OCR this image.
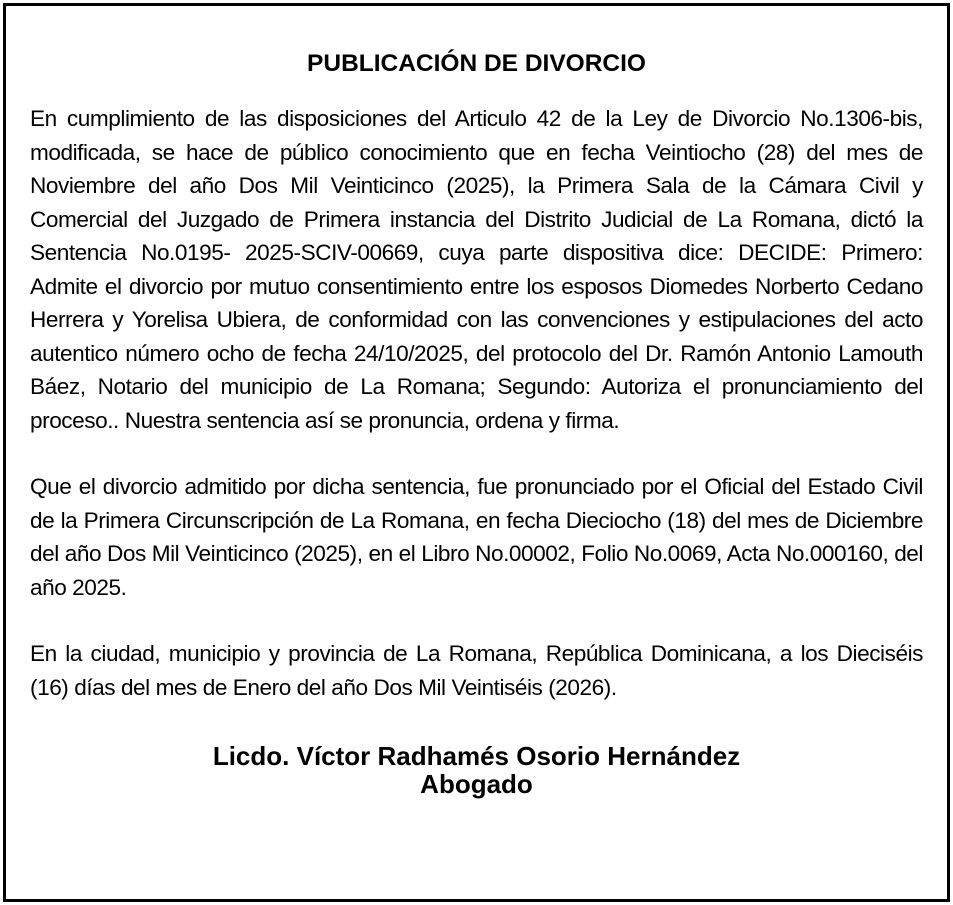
PUBLICACIÓN DE DIVORCIO

En cumplimiento de las disposiciones del Articulo 42 de la Ley de Divorcio No.1306-bis, modificada, se hace de público conocimiento que en fecha Veintiocho (28) del mes de Noviembre del año Dos Mil Veinticinco (2025), la Primera Sala de la Cámara Civil y Comercial del Juzgado de Primera instancia del Distrito Judicial de La Romana, dictó la Sentencia No.0195- 2025-SCIV-00669, cuya parte dispositiva dice: DECIDE: Primero: Admite el divorcio por mutuo consentimiento entre los esposos Diomedes Norberto Cedano Herrera y Yorelisa Ubiera, de conformidad con las convenciones y estipulaciones del acto autentico número ocho de fecha 24/10/2025, del protocolo del Dr. Ramón Antonio Lamouth Báez, Notario del municipio de La Romana; Segundo: Autoriza el pronunciamiento del proceso.. Nuestra sentencia así se pronuncia, ordena y firma.

Que el divorcio admitido por dicha sentencia, fue pronunciado por el Oficial del Estado Civil de la Primera Circunscripción de La Romana, en fecha Dieciocho (18) del mes de Diciembre del año Dos Mil Veinticinco (2025), en el Libro No.00002, Folio No.0069, Acta No.000160, del año 2025.

En la ciudad, municipio y provincia de La Romana, República Dominicana, a los Dieciséis (16) días del mes de Enero del año Dos Mil Veintiséis (2026).

Licdo. Víctor Radhamés Osorio Hernández
Abogado
